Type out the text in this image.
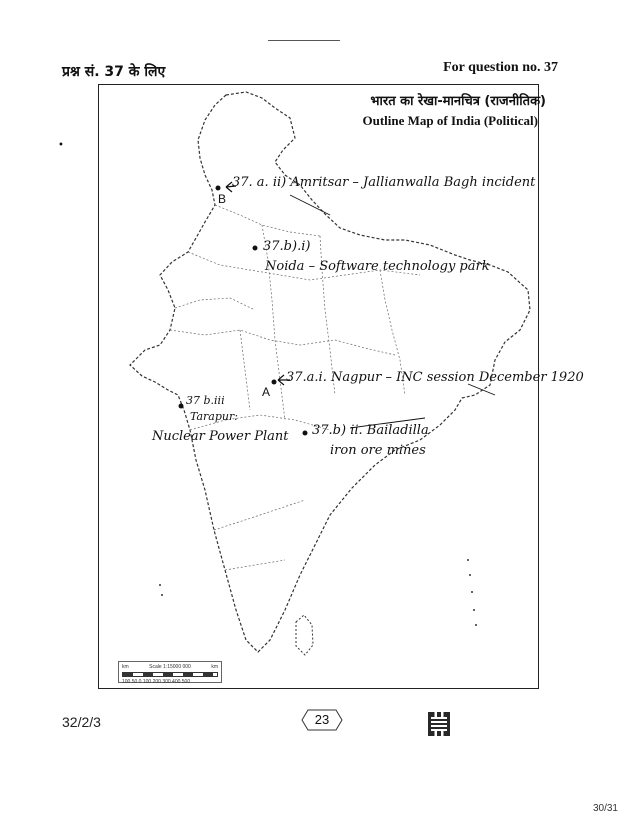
प्रश्न सं. 37 के लिए	For question no. 37
•
भारत का रेखा-मानचित्र (राजनीतिक)
Outline Map of India (Political)
B
37. a. ii) Amritsar – Jallianwalla Bagh incident
37.b).i)
Noida – Software technology park
A
37.a.i. Nagpur – INC session December 1920
37 b.iii
Tarapur:
Nuclear Power Plant 37.b) ii. Bailadilla
iron ore mines
km	Scale 1:15000 000	km
100 50 0 100 200 300 400 500
32/2/3	23
30/31
